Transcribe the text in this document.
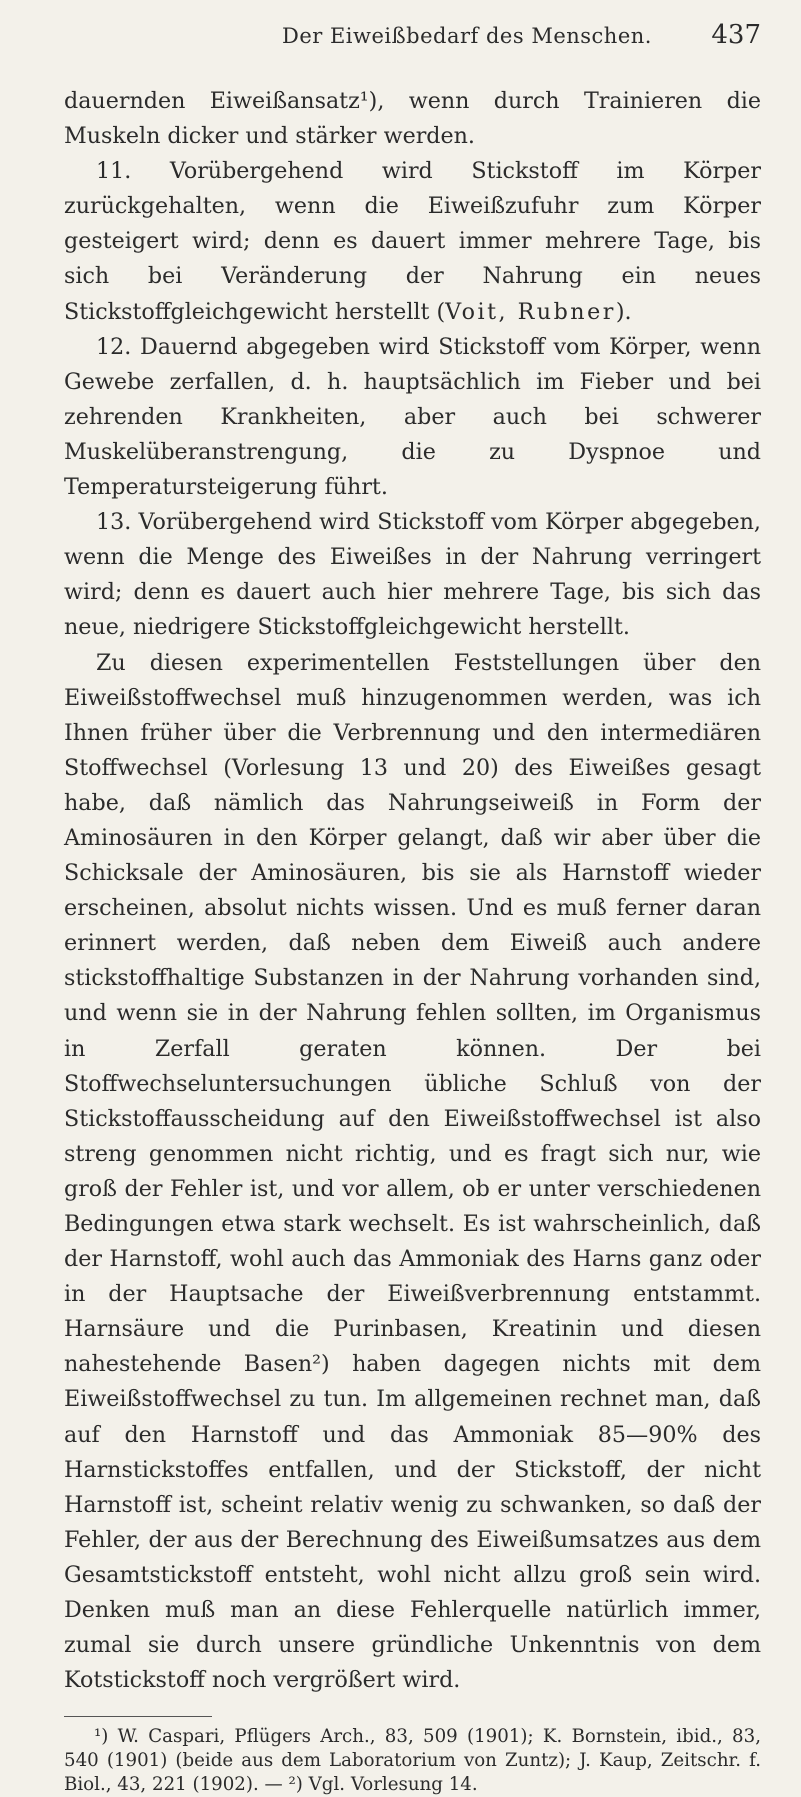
Der Eiweißbedarf des Menschen. 437

dauernden Eiweißansatz¹), wenn durch Trainieren die Muskeln dicker und stärker werden.

11. Vorübergehend wird Stickstoff im Körper zurückgehalten, wenn die Eiweißzufuhr zum Körper gesteigert wird; denn es dauert immer mehrere Tage, bis sich bei Veränderung der Nahrung ein neues Stickstoffgleichgewicht herstellt (Voit, Rubner).

12. Dauernd abgegeben wird Stickstoff vom Körper, wenn Gewebe zerfallen, d. h. hauptsächlich im Fieber und bei zehrenden Krankheiten, aber auch bei schwerer Muskelüberanstrengung, die zu Dyspnoe und Temperatursteigerung führt.

13. Vorübergehend wird Stickstoff vom Körper abgegeben, wenn die Menge des Eiweißes in der Nahrung verringert wird; denn es dauert auch hier mehrere Tage, bis sich das neue, niedrigere Stickstoffgleichgewicht herstellt.

Zu diesen experimentellen Feststellungen über den Eiweißstoffwechsel muß hinzugenommen werden, was ich Ihnen früher über die Verbrennung und den intermediären Stoffwechsel (Vorlesung 13 und 20) des Eiweißes gesagt habe, daß nämlich das Nahrungseiweiß in Form der Aminosäuren in den Körper gelangt, daß wir aber über die Schicksale der Aminosäuren, bis sie als Harnstoff wieder erscheinen, absolut nichts wissen. Und es muß ferner daran erinnert werden, daß neben dem Eiweiß auch andere stickstoffhaltige Substanzen in der Nahrung vorhanden sind, und wenn sie in der Nahrung fehlen sollten, im Organismus in Zerfall geraten können. Der bei Stoffwechseluntersuchungen übliche Schluß von der Stickstoffausscheidung auf den Eiweißstoffwechsel ist also streng genommen nicht richtig, und es fragt sich nur, wie groß der Fehler ist, und vor allem, ob er unter verschiedenen Bedingungen etwa stark wechselt. Es ist wahrscheinlich, daß der Harnstoff, wohl auch das Ammoniak des Harns ganz oder in der Hauptsache der Eiweißverbrennung entstammt. Harnsäure und die Purinbasen, Kreatinin und diesen nahestehende Basen²) haben dagegen nichts mit dem Eiweißstoffwechsel zu tun. Im allgemeinen rechnet man, daß auf den Harnstoff und das Ammoniak 85—90% des Harnstickstoffes entfallen, und der Stickstoff, der nicht Harnstoff ist, scheint relativ wenig zu schwanken, so daß der Fehler, der aus der Berechnung des Eiweißumsatzes aus dem Gesamtstickstoff entsteht, wohl nicht allzu groß sein wird. Denken muß man an diese Fehlerquelle natürlich immer, zumal sie durch unsere gründliche Unkenntnis von dem Kotstickstoff noch vergrößert wird.

¹) W. Caspari, Pflügers Arch., 83, 509 (1901); K. Bornstein, ibid., 83, 540 (1901) (beide aus dem Laboratorium von Zuntz); J. Kaup, Zeitschr. f. Biol., 43, 221 (1902). — ²) Vgl. Vorlesung 14.
